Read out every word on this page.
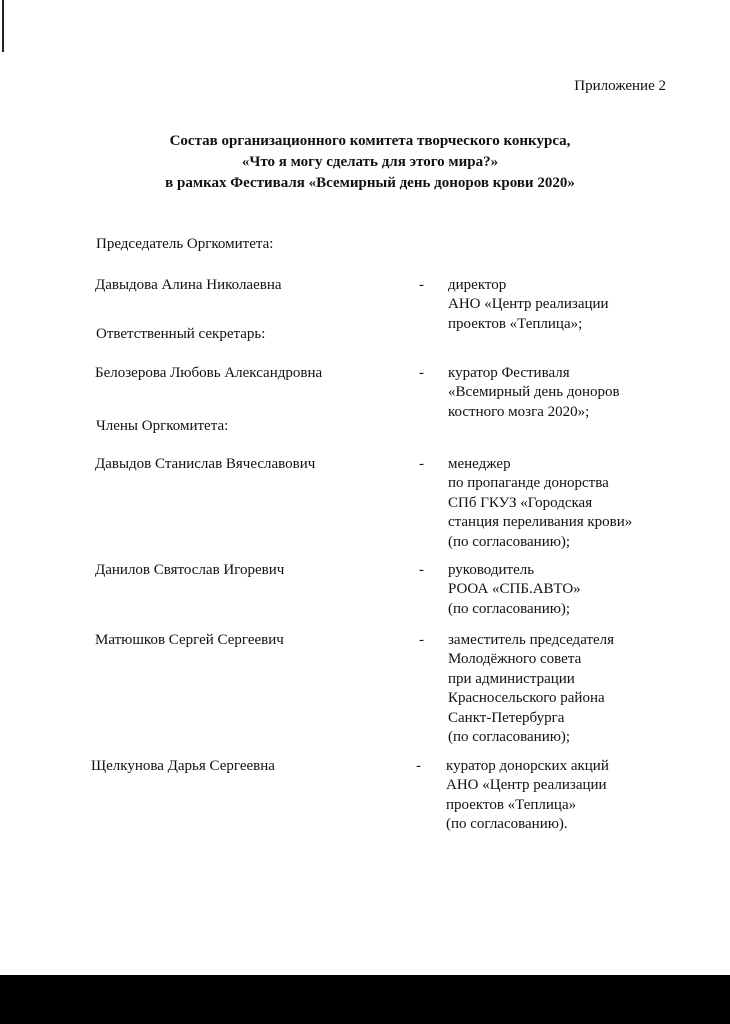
Приложение 2
Состав организационного комитета творческого конкурса,
«Что я могу сделать для этого мира?»
в рамках Фестиваля «Всемирный день доноров крови 2020»
Председатель Оргкомитета:
Давыдова Алина Николаевна	- директор
АНО «Центр реализации
проектов «Теплица»;
Ответственный секретарь:
Белозерова Любовь Александровна	- куратор Фестиваля
«Всемирный день доноров
костного мозга 2020»;
Члены Оргкомитета:
Давыдов Станислав Вячеславович	- менеджер
по пропаганде донорства
СПб ГКУЗ «Городская
станция переливания крови»
(по согласованию);
Данилов Святослав Игоревич	- руководитель
РООА «СПБ.АВТО»
(по согласованию);
Матюшков Сергей Сергеевич	- заместитель председателя
Молодёжного совета
при администрации
Красносельского района
Санкт-Петербурга
(по согласованию);
Щелкунова Дарья Сергеевна	- куратор донорских акций
АНО «Центр реализации
проектов «Теплица»
(по согласованию).
